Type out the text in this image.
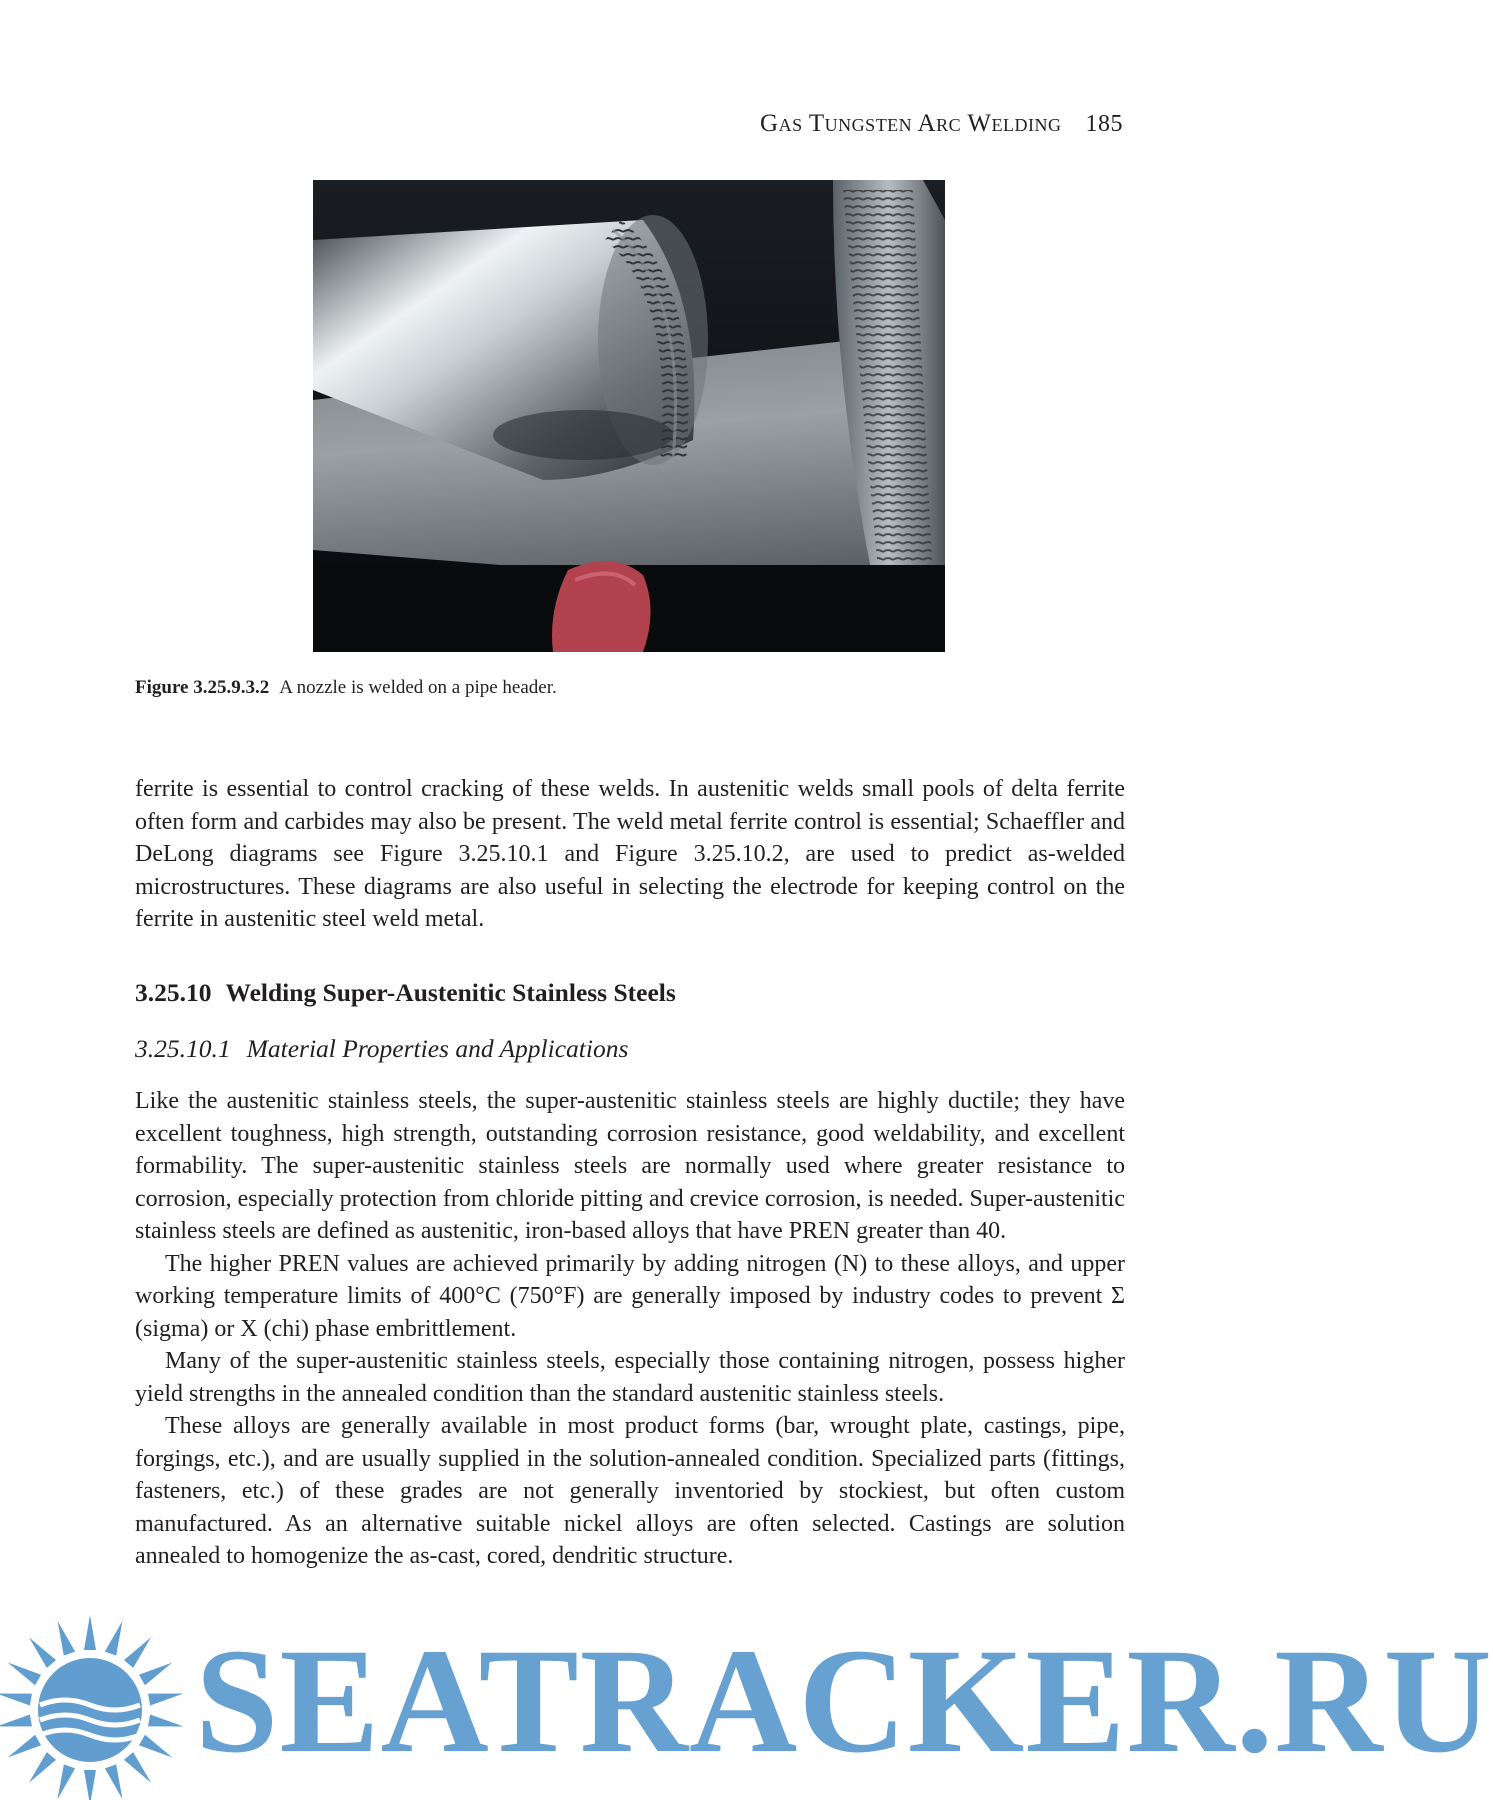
Gas Tungsten Arc Welding 185
Figure 3.25.9.3.2 A nozzle is welded on a pipe header.

ferrite is essential to control cracking of these welds. In austenitic welds small pools of delta ferrite often form and carbides may also be present. The weld metal ferrite control is essential; Schaeffler and DeLong diagrams see Figure 3.25.10.1 and Figure 3.25.10.2, are used to predict as-welded microstructures. These diagrams are also useful in selecting the electrode for keeping control on the ferrite in austenitic steel weld metal.

3.25.10 Welding Super-Austenitic Stainless Steels
3.25.10.1 Material Properties and Applications

Like the austenitic stainless steels, the super-austenitic stainless steels are highly ductile; they have excellent toughness, high strength, outstanding corrosion resistance, good weldability, and excellent formability. The super-austenitic stainless steels are normally used where greater resistance to corrosion, especially protection from chloride pitting and crevice corrosion, is needed. Super-austenitic stainless steels are defined as austenitic, iron-based alloys that have PREN greater than 40.

The higher PREN values are achieved primarily by adding nitrogen (N) to these alloys, and upper working temperature limits of 400°C (750°F) are generally imposed by industry codes to prevent Σ (sigma) or X (chi) phase embrittlement.

Many of the super-austenitic stainless steels, especially those containing nitrogen, possess higher yield strengths in the annealed condition than the standard austenitic stainless steels.

These alloys are generally available in most product forms (bar, wrought plate, castings, pipe, forgings, etc.), and are usually supplied in the solution-annealed condition. Specialized parts (fittings, fasteners, etc.) of these grades are not generally inventoried by stockiest, but often custom manufactured. As an alternative suitable nickel alloys are often selected. Castings are solution annealed to homogenize the as-cast, cored, dendritic structure.

SEATRACKER.RU
